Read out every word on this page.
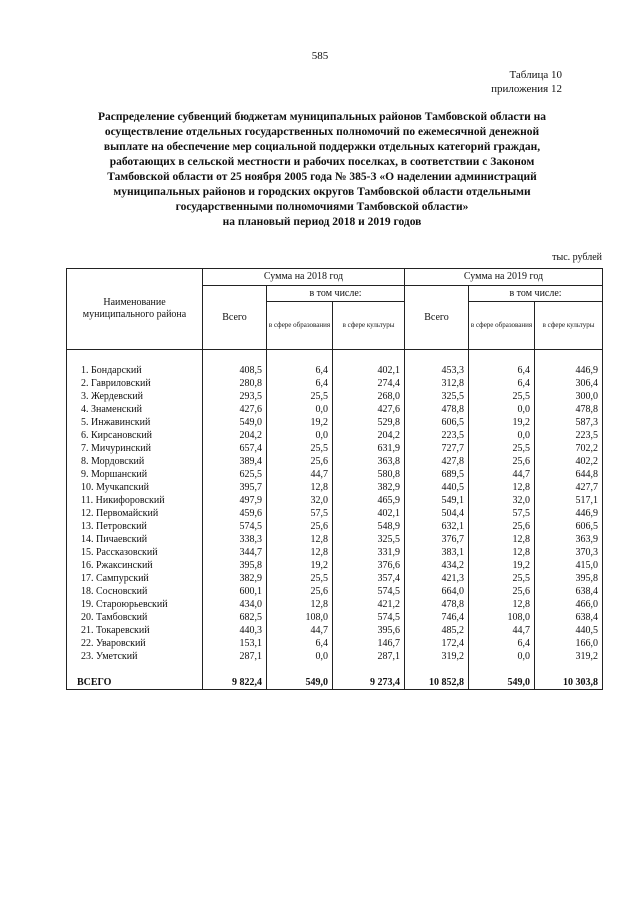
585
Таблица 10
приложения 12
Распределение субвенций бюджетам муниципальных районов Тамбовской области на
осуществление отдельных государственных полномочий по ежемесячной денежной
выплате на обеспечение мер социальной поддержки отдельных категорий граждан,
работающих в сельской местности и рабочих поселках, в соответствии с Законом
Тамбовской области от 25 ноября 2005 года № 385-З «О наделении администраций
муниципальных районов и городских округов Тамбовской области отдельными
государственными полномочиями Тамбовской области»
на плановый период 2018 и 2019 годов
тыс. рублей
Наименование муниципального района	Сумма на 2018 год			Сумма на 2019 год		
	Всего	в том числе:		Всего	в том числе:	
		в сфере образования	в сфере культуры		в сфере образования	в сфере культуры

1. Бондарский	408,5	6,4	402,1	453,3	6,4	446,9
2. Гавриловский	280,8	6,4	274,4	312,8	6,4	306,4
3. Жердевский	293,5	25,5	268,0	325,5	25,5	300,0
4. Знаменский	427,6	0,0	427,6	478,8	0,0	478,8
5. Инжавинский	549,0	19,2	529,8	606,5	19,2	587,3
6. Кирсановский	204,2	0,0	204,2	223,5	0,0	223,5
7. Мичуринский	657,4	25,5	631,9	727,7	25,5	702,2
8. Мордовский	389,4	25,6	363,8	427,8	25,6	402,2
9. Моршанский	625,5	44,7	580,8	689,5	44,7	644,8
10. Мучкапский	395,7	12,8	382,9	440,5	12,8	427,7
11. Никифоровский	497,9	32,0	465,9	549,1	32,0	517,1
12. Первомайский	459,6	57,5	402,1	504,4	57,5	446,9
13. Петровский	574,5	25,6	548,9	632,1	25,6	606,5
14. Пичаевский	338,3	12,8	325,5	376,7	12,8	363,9
15. Рассказовский	344,7	12,8	331,9	383,1	12,8	370,3
16. Ржаксинский	395,8	19,2	376,6	434,2	19,2	415,0
17. Сампурский	382,9	25,5	357,4	421,3	25,5	395,8
18. Сосновский	600,1	25,6	574,5	664,0	25,6	638,4
19. Староюрьевский	434,0	12,8	421,2	478,8	12,8	466,0
20. Тамбовский	682,5	108,0	574,5	746,4	108,0	638,4
21. Токаревский	440,3	44,7	395,6	485,2	44,7	440,5
22. Уваровский	153,1	6,4	146,7	172,4	6,4	166,0
23. Уметский	287,1	0,0	287,1	319,2	0,0	319,2

ВСЕГО	9 822,4	549,0	9 273,4	10 852,8	549,0	10 303,8
